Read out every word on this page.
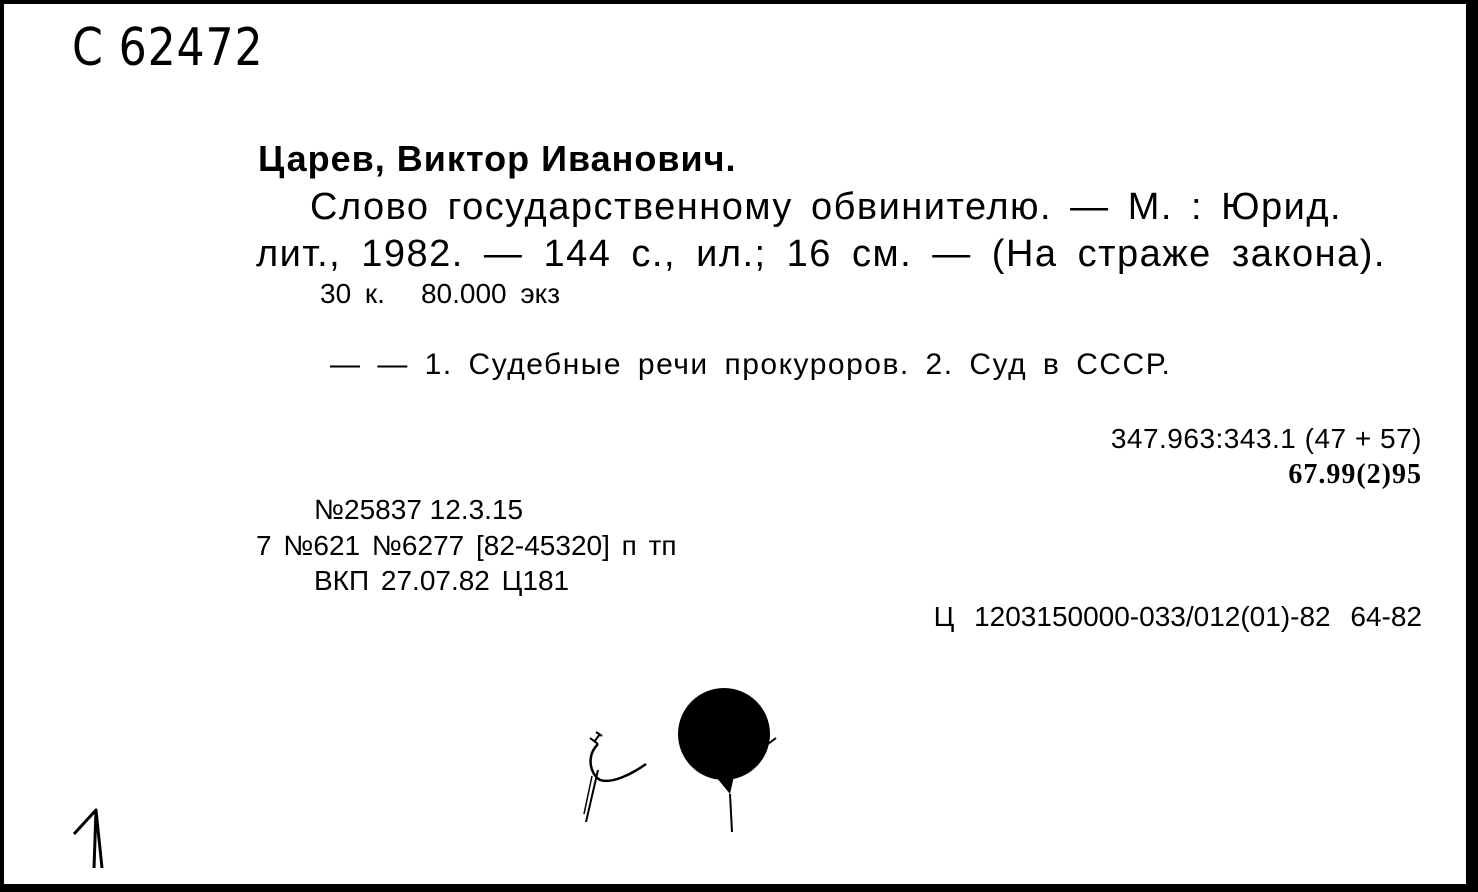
С 62472
Царев, Виктор Иванович.
Слово государственному обвинителю. — М. : Юрид.
лит., 1982. — 144 с., ил.; 16 см. — (На страже закона).
30 к. 80.000 экз
— — 1. Судебные речи прокуроров. 2. Суд в СССР.
347.963:343.1 (47 + 57)
67.99(2)95
№25837 12.3.15
7 №621 №6277 [82-45320] п тп
ВКП 27.07.82 Ц181
Ц 1203150000-033/012(01)-82 64-82
